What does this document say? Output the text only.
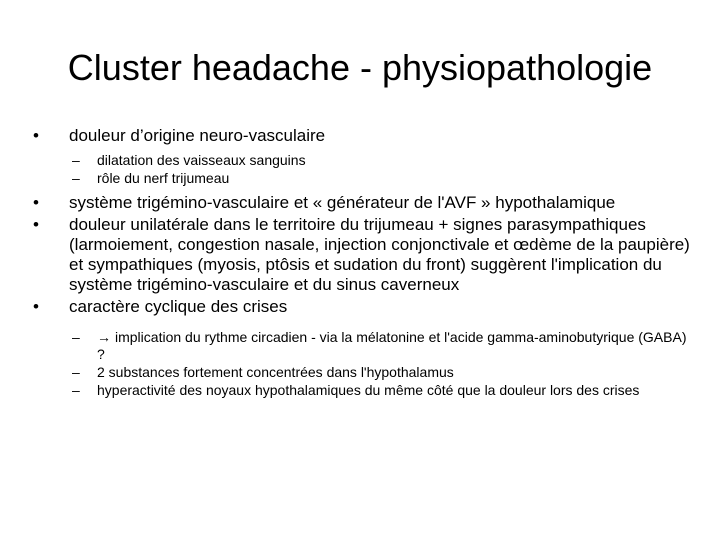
Cluster headache - physiopathologie
• douleur d’origine neuro-vasculaire
– dilatation des vaisseaux sanguins
– rôle du nerf trijumeau
• système trigémino-vasculaire et « générateur de l'AVF » hypothalamique
• douleur unilatérale dans le territoire du trijumeau + signes parasympathiques (larmoiement, congestion nasale, injection conjonctivale et œdème de la paupière) et sympathiques (myosis, ptôsis et sudation du front) suggèrent l'implication du système trigémino-vasculaire et du sinus caverneux
• caractère cyclique des crises
– → implication du rythme circadien - via la mélatonine et l'acide gamma-aminobutyrique (GABA) ?
– 2 substances fortement concentrées dans l'hypothalamus
– hyperactivité des noyaux hypothalamiques du même côté que la douleur lors des crises
